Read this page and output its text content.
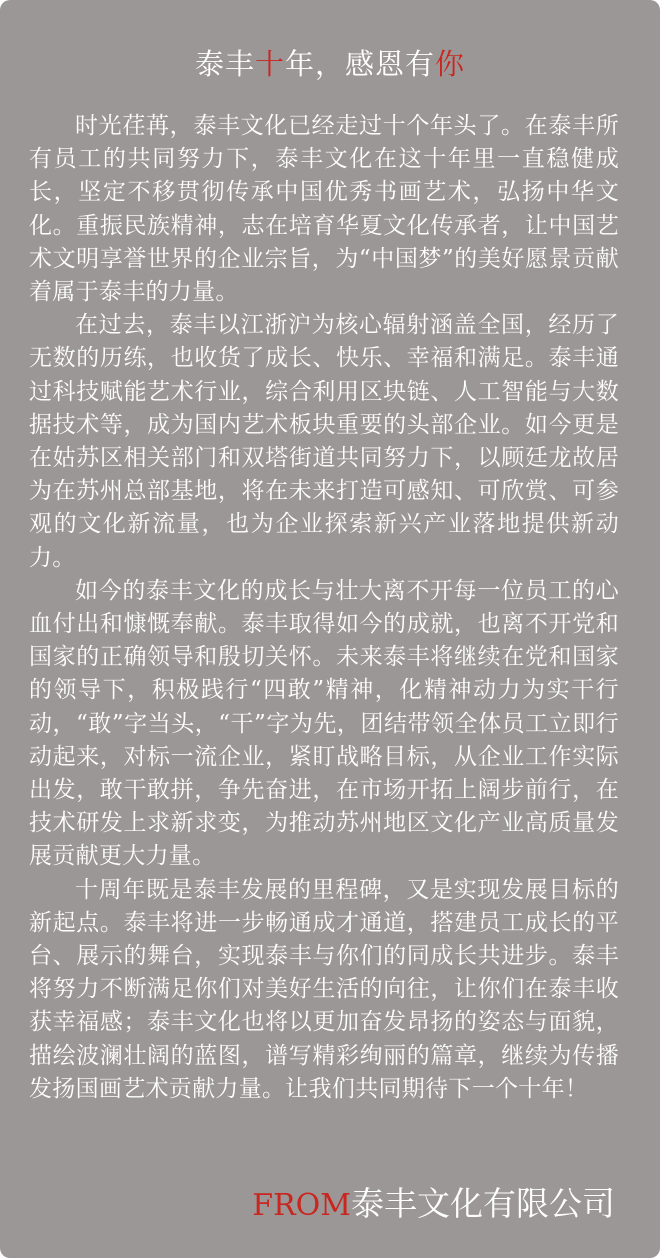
泰丰十年，感恩有你

时光荏苒，泰丰文化已经走过十个年头了。在泰丰所有员工的共同努力下，泰丰文化在这十年里一直稳健成长，坚定不移贯彻传承中国优秀书画艺术，弘扬中华文化。重振民族精神，志在培育华夏文化传承者，让中国艺术文明享誉世界的企业宗旨，为“中国梦”的美好愿景贡献着属于泰丰的力量。

在过去，泰丰以江浙沪为核心辐射涵盖全国，经历了无数的历练，也收货了成长、快乐、幸福和满足。泰丰通过科技赋能艺术行业，综合利用区块链、人工智能与大数据技术等，成为国内艺术板块重要的头部企业。如今更是在姑苏区相关部门和双塔街道共同努力下，以顾廷龙故居为在苏州总部基地，将在未来打造可感知、可欣赏、可参观的文化新流量，也为企业探索新兴产业落地提供新动力。

如今的泰丰文化的成长与壮大离不开每一位员工的心血付出和慷慨奉献。泰丰取得如今的成就，也离不开党和国家的正确领导和殷切关怀。未来泰丰将继续在党和国家的领导下，积极践行“四敢”精神，化精神动力为实干行动，“敢”字当头，“干”字为先，团结带领全体员工立即行动起来，对标一流企业，紧盯战略目标，从企业工作实际出发，敢干敢拼，争先奋进，在市场开拓上阔步前行，在技术研发上求新求变，为推动苏州地区文化产业高质量发展贡献更大力量。

十周年既是泰丰发展的里程碑，又是实现发展目标的新起点。泰丰将进一步畅通成才通道，搭建员工成长的平台、展示的舞台，实现泰丰与你们的同成长共进步。泰丰将努力不断满足你们对美好生活的向往，让你们在泰丰收获幸福感；泰丰文化也将以更加奋发昂扬的姿态与面貌，描绘波澜壮阔的蓝图，谱写精彩绚丽的篇章，继续为传播发扬国画艺术贡献力量。让我们共同期待下一个十年！

FROM泰丰文化有限公司
